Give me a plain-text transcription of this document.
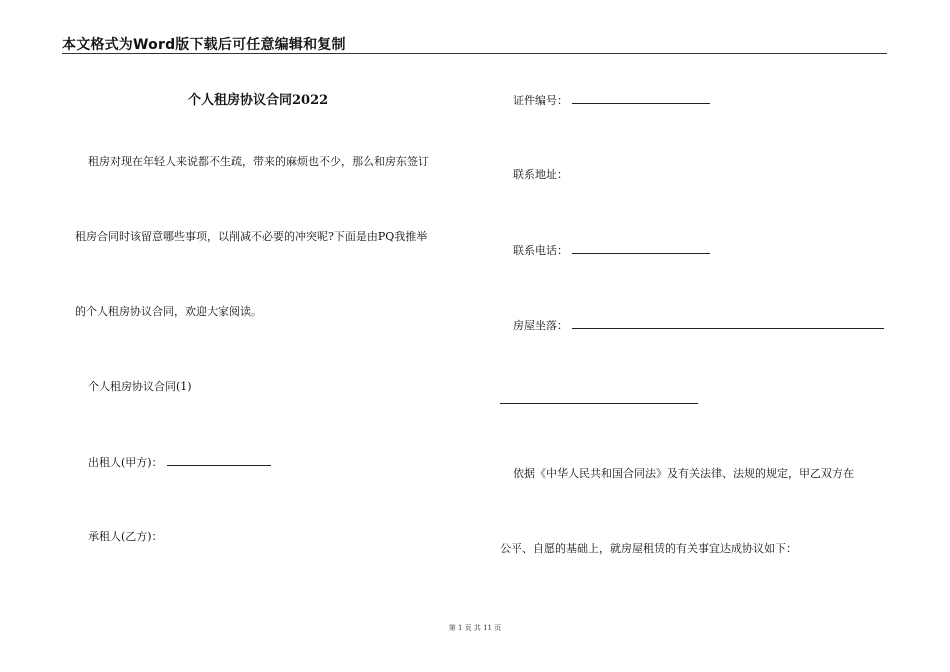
本文格式为Word版下载后可任意编辑和复制
个人租房协议合同2022
租房对现在年轻人来说都不生疏，带来的麻烦也不少，那么和房东签订
租房合同时该留意哪些事项，以削减不必要的冲突呢?下面是由PQ我推举
的个人租房协议合同，欢迎大家阅读。
个人租房协议合同(1)
出租人(甲方)：
承租人(乙方)：
证件编号：
联系地址：
联系电话：
房屋坐落：
依据《中华人民共和国合同法》及有关法律、法规的规定，甲乙双方在
公平、自愿的基础上，就房屋租赁的有关事宜达成协议如下：
第 1 页 共 11 页
